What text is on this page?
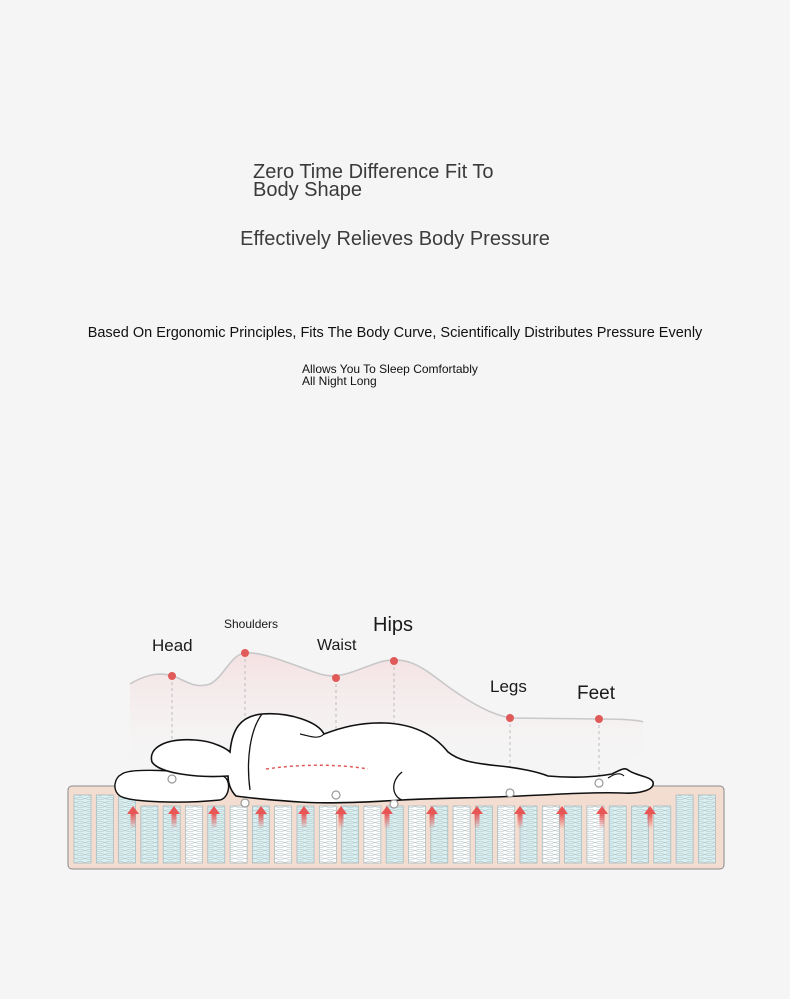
Zero Time Difference Fit To
Body Shape
Effectively Relieves Body Pressure
Based On Ergonomic Principles, Fits The Body Curve, Scientifically Distributes Pressure Evenly
Allows You To Sleep Comfortably
All Night Long
Head
Shoulders
Waist
Hips
Legs	Feet
